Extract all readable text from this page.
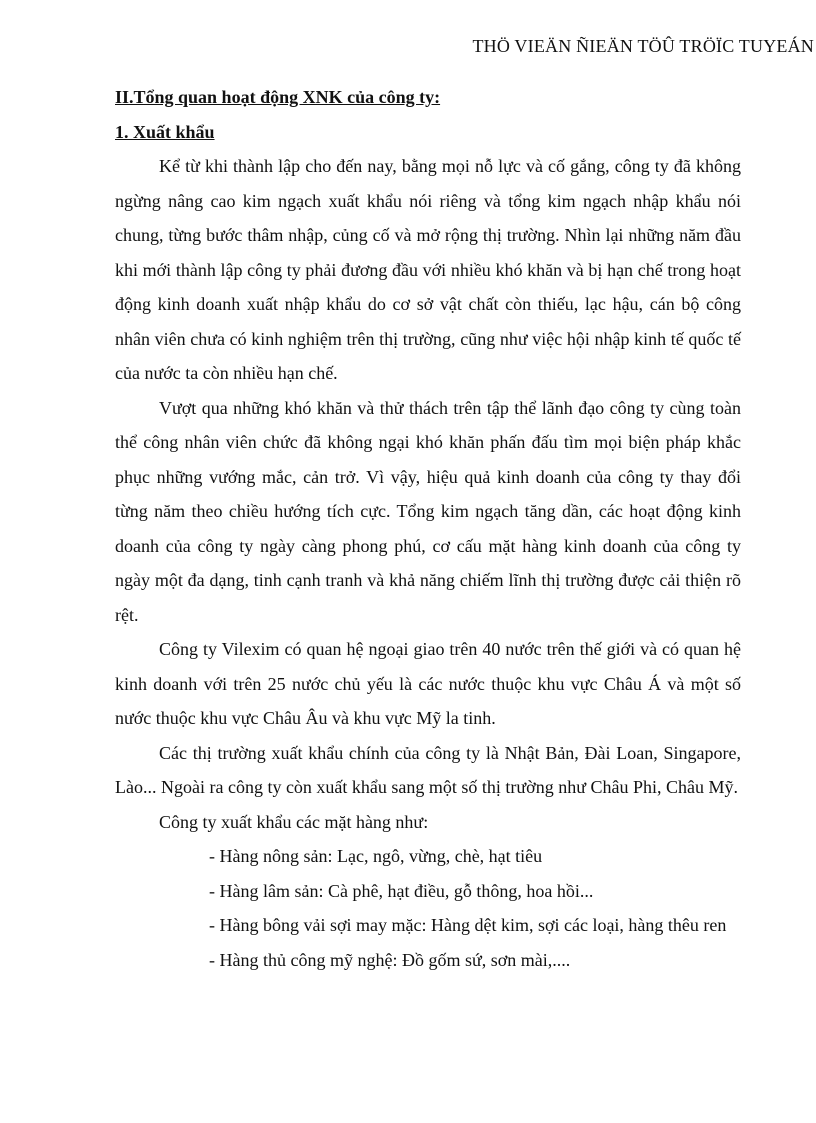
THÖ VIEÄN ÑIEÄN TÖÛ TRÖÏC TUYEÁN

II.Tổng quan hoạt động XNK của công ty:

1. Xuất khẩu

Kể từ khi thành lập cho đến nay, bằng mọi nỗ lực và cố gắng, công ty đã không ngừng nâng cao kim ngạch xuất khẩu nói riêng và tổng kim ngạch nhập khẩu nói chung, từng bước thâm nhập, củng cố và mở rộng thị trường. Nhìn lại những năm đầu khi mới thành lập công ty phải đương đầu với nhiều khó khăn và bị hạn chế trong hoạt động kinh doanh xuất nhập khẩu do cơ sở vật chất còn thiếu, lạc hậu, cán bộ công nhân viên chưa có kinh nghiệm trên thị trường, cũng như việc hội nhập kinh tế quốc tế của nước ta còn nhiều hạn chế.

Vượt qua những khó khăn và thử thách trên tập thể lãnh đạo công ty cùng toàn thể công nhân viên chức đã không ngại khó khăn phấn đấu tìm mọi biện pháp khắc phục những vướng mắc, cản trở. Vì vậy, hiệu quả kinh doanh của công ty thay đổi từng năm theo chiều hướng tích cực. Tổng kim ngạch tăng dần, các hoạt động kinh doanh của công ty ngày càng phong phú, cơ cấu mặt hàng kinh doanh của công ty ngày một đa dạng, tinh cạnh tranh và khả năng chiếm lĩnh thị trường được cải thiện rõ rệt.

Công ty Vilexim có quan hệ ngoại giao trên 40 nước trên thế giới và có quan hệ kinh doanh với trên 25 nước chủ yếu là các nước thuộc khu vực Châu Á và một số nước thuộc khu vực Châu Âu và khu vực Mỹ la tinh.

Các thị trường xuất khẩu chính của công ty là Nhật Bản, Đài Loan, Singapore, Lào... Ngoài ra công ty còn xuất khẩu sang một số thị trường như Châu Phi, Châu Mỹ.

Công ty xuất khẩu các mặt hàng như:

- Hàng nông sản: Lạc, ngô, vừng, chè, hạt tiêu

- Hàng lâm sản: Cà phê, hạt điều, gỗ thông, hoa hồi...

- Hàng bông vải sợi may mặc: Hàng dệt kim, sợi các loại, hàng thêu ren

- Hàng thủ công mỹ nghệ: Đồ gốm sứ, sơn mài,....
